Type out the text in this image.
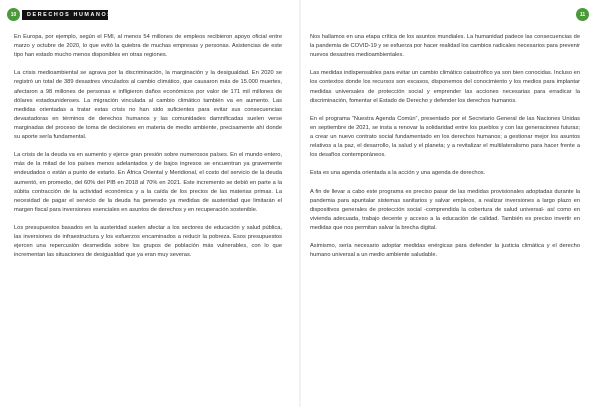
10	DERECHOS HUMANOS

En Europa, por ejemplo, según el FMI, al menos 54 millones de empleos recibieron apoyo oficial entre marzo y octubre de 2020, lo que evitó la quiebra de muchas empresas y personas. Asistencias de este tipo han estado mucho menos disponibles en otras regiones.

La crisis medioambiental se agrava por la discriminación, la marginación y la desigualdad. En 2020 se registró un total de 389 desastres vinculados al cambio climático, que causaron más de 15.000 muertes, afectaron a 98 millones de personas e infligieron daños económicos por valor de 171 mil millones de dólares estadounidenses. La migración vinculada al cambio climático también va en aumento. Las medidas orientadas a tratar estas crisis no han sido suficientes para evitar sus consecuencias devastadoras en términos de derechos humanos y las comunidades damnificadas suelen verse marginadas del proceso de toma de decisiones en materia de medio ambiente, precisamente ahí donde su aporte sería fundamental.

La crisis de la deuda va en aumento y ejerce gran presión sobre numerosos países. En el mundo entero, más de la mitad de los países menos adelantados y de bajos ingresos se encuentran ya gravemente endeudados o están a punto de estarlo. En África Oriental y Meridional, el costo del servicio de la deuda aumentó, en promedio, del 60% del PIB en 2018 al 70% en 2021. Este incremento se debió en parte a la súbita contracción de la actividad económica y a la caída de los precios de las materias primas. La necesidad de pagar el servicio de la deuda ha generado ya medidas de austeridad que limitarán el margen fiscal para inversiones esenciales en asuntos de derechos y en recuperación sostenible.

Los presupuestos basados en la austeridad suelen afectar a los sectores de educación y salud pública, las inversiones de infraestructura y los esfuerzos encaminados a reducir la pobreza. Esos presupuestos ejercen una repercusión desmedida sobre los grupos de población más vulnerables, con lo que incrementan las situaciones de desigualdad que ya eran muy severas.

11

Nos hallamos en una etapa crítica de los asuntos mundiales. La humanidad padece las consecuencias de la pandemia de COVID-19 y se esfuerza por hacer realidad los cambios radicales necesarios para prevenir nuevos desastres medioambientales.

Las medidas indispensables para evitar un cambio climático catastrófico ya son bien conocidas. Incluso en los contextos donde los recursos son escasos, disponemos del conocimiento y los medios para implantar medidas universales de protección social y emprender las acciones necesarias para erradicar la discriminación, fomentar el Estado de Derecho y defender los derechos humanos.

En el programa “Nuestra Agenda Común”, presentado por el Secretario General de las Naciones Unidas en septiembre de 2021, se insta a renovar la solidaridad entre los pueblos y con las generaciones futuras; a crear un nuevo contrato social fundamentado en los derechos humanos; a gestionar mejor los asuntos relativos a la paz, el desarrollo, la salud y el planeta; y a revitalizar el multilateralismo para hacer frente a los desafíos contemporáneos.

Esta es una agenda orientada a la acción y una agenda de derechos.

A fin de llevar a cabo este programa es preciso pasar de las medidas provisionales adoptadas durante la pandemia para apuntalar sistemas sanitarios y salvar empleos, a realizar inversiones a largo plazo en dispositivos generales de protección social -comprendida la cobertura de salud universal- así como en vivienda adecuada, trabajo decente y acceso a la educación de calidad. También es preciso invertir en medidas que nos permitan salvar la brecha digital.

Asimismo, sería necesario adoptar medidas enérgicas para defender la justicia climática y el derecho humano universal a un medio ambiente saludable.
